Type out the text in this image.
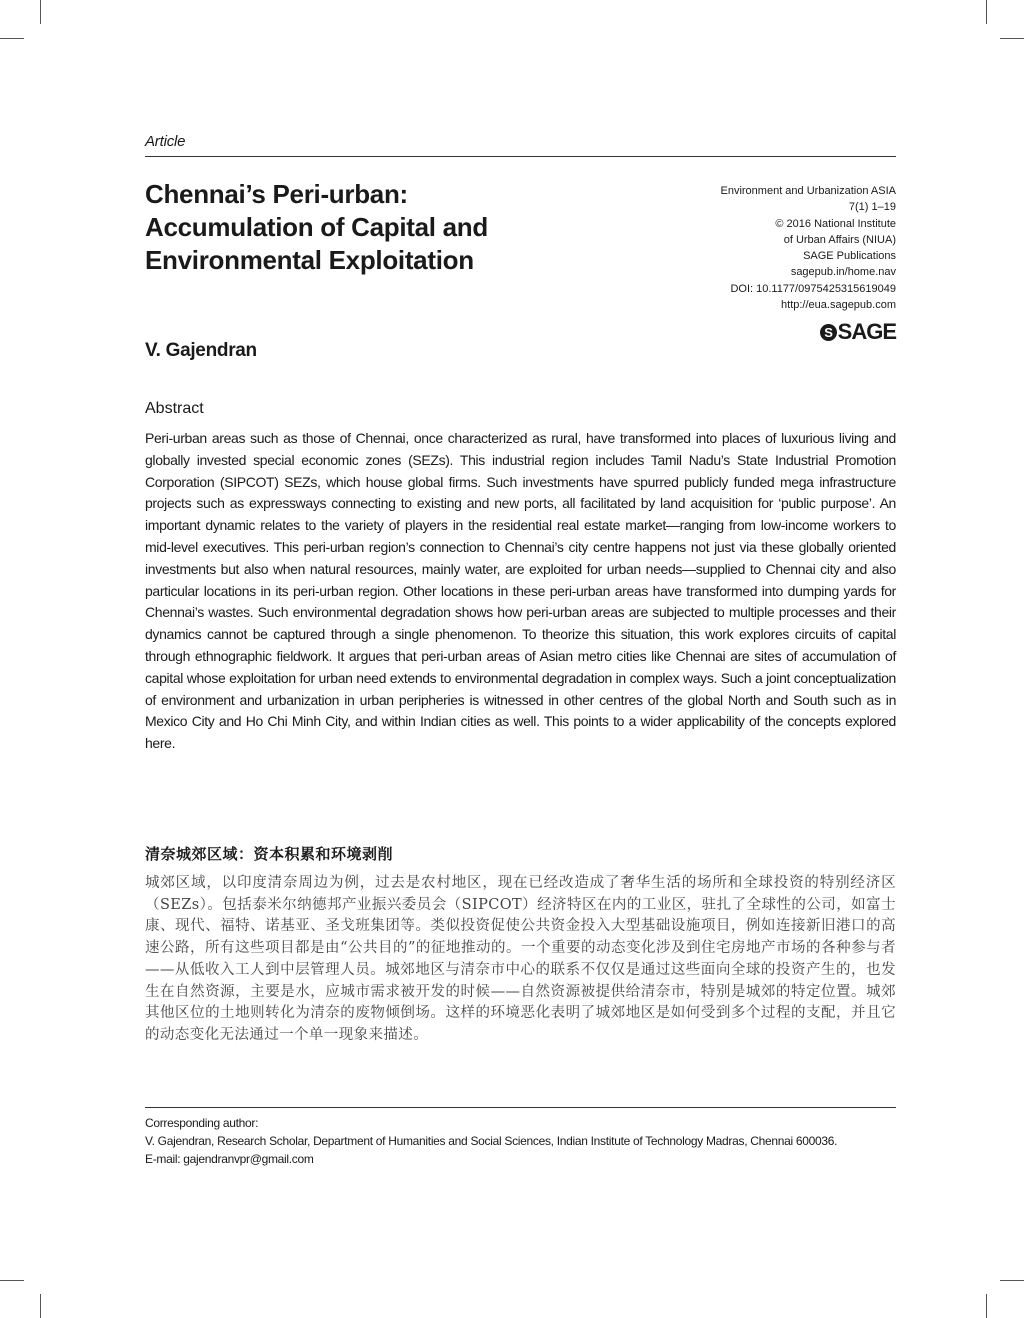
Article
Chennai’s Peri-urban:
Accumulation of Capital and
Environmental Exploitation
Environment and Urbanization ASIA
7(1) 1–19
© 2016 National Institute
of Urban Affairs (NIUA)
SAGE Publications
sagepub.in/home.nav
DOI: 10.1177/0975425315619049
http://eua.sagepub.com
S SAGE
V. Gajendran
Abstract

Peri-urban areas such as those of Chennai, once characterized as rural, have transformed into places of luxurious living and globally invested special economic zones (SEZs). This industrial region includes Tamil Nadu’s State Industrial Promotion Corporation (SIPCOT) SEZs, which house global firms. Such investments have spurred publicly funded mega infrastructure projects such as expressways connecting to existing and new ports, all facilitated by land acquisition for ‘public purpose’. An important dynamic relates to the variety of players in the residential real estate market—ranging from low-income workers to mid-level executives. This peri-urban region’s connection to Chennai’s city centre happens not just via these globally oriented investments but also when natural resources, mainly water, are exploited for urban needs—supplied to Chennai city and also particular locations in its peri-urban region. Other locations in these peri-urban areas have transformed into dumping yards for Chennai’s wastes. Such environmental degradation shows how peri-urban areas are subjected to multiple processes and their dynamics cannot be captured through a single phenomenon. To theorize this situation, this work explores circuits of capital through ethnographic fieldwork. It argues that peri-urban areas of Asian metro cities like Chennai are sites of accumulation of capital whose exploitation for urban need extends to environmental degradation in complex ways. Such a joint conceptualization of environment and urbanization in urban peripheries is witnessed in other centres of the global North and South such as in Mexico City and Ho Chi Minh City, and within Indian cities as well. This points to a wider applicability of the concepts explored here.

清奈城郊区域：资本积累和环境剥削

城郊区域，以印度清奈周边为例，过去是农村地区，现在已经改造成了奢华生活的场所和全球投资的特别经济区（SEZs）。包括泰米尔纳德邦产业振兴委员会（SIPCOT）经济特区在内的工业区，驻扎了全球性的公司，如富士康、现代、福特、诺基亚、圣戈班集团等。类似投资促使公共资金投入大型基础设施项目，例如连接新旧港口的高速公路，所有这些项目都是由“公共目的”的征地推动的。一个重要的动态变化涉及到住宅房地产市场的各种参与者——从低收入工人到中层管理人员。城郊地区与清奈市中心的联系不仅仅是通过这些面向全球的投资产生的，也发生在自然资源，主要是水，应城市需求被开发的时候——自然资源被提供给清奈市，特别是城郊的特定位置。城郊其他区位的土地则转化为清奈的废物倾倒场。这样的环境恶化表明了城郊地区是如何受到多个过程的支配，并且它的动态变化无法通过一个单一现象来描述。

Corresponding author:
V. Gajendran, Research Scholar, Department of Humanities and Social Sciences, Indian Institute of Technology Madras, Chennai 600036.
E-mail: gajendranvpr@gmail.com
